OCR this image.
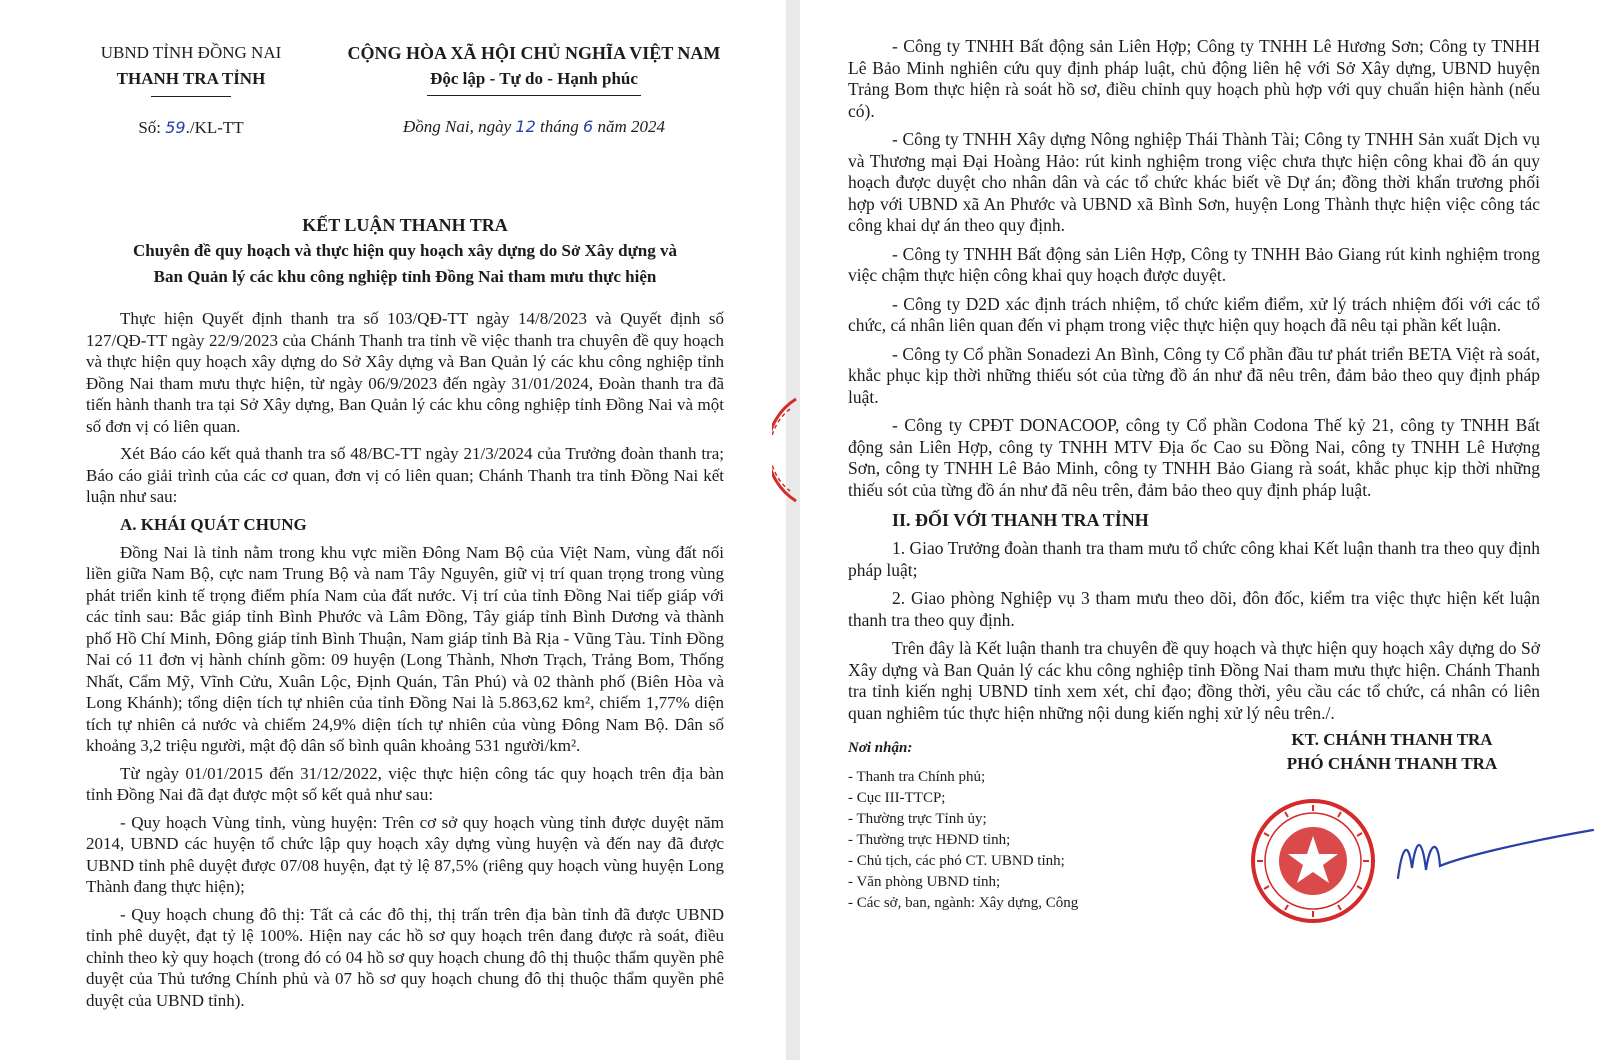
UBND TỈNH ĐỒNG NAI
THANH TRA TỈNH
Số: 59./KL-TT
CỘNG HÒA XÃ HỘI CHỦ NGHĨA VIỆT NAM
Độc lập - Tự do - Hạnh phúc
Đồng Nai, ngày 12 tháng 6 năm 2024
KẾT LUẬN THANH TRA
Chuyên đề quy hoạch và thực hiện quy hoạch xây dựng do Sở Xây dựng và
Ban Quản lý các khu công nghiệp tỉnh Đồng Nai tham mưu thực hiện

Thực hiện Quyết định thanh tra số 103/QĐ-TT ngày 14/8/2023 và Quyết định số 127/QĐ-TT ngày 22/9/2023 của Chánh Thanh tra tỉnh về việc thanh tra chuyên đề quy hoạch và thực hiện quy hoạch xây dựng do Sở Xây dựng và Ban Quản lý các khu công nghiệp tỉnh Đồng Nai tham mưu thực hiện, từ ngày 06/9/2023 đến ngày 31/01/2024, Đoàn thanh tra đã tiến hành thanh tra tại Sở Xây dựng, Ban Quản lý các khu công nghiệp tỉnh Đồng Nai và một số đơn vị có liên quan.

Xét Báo cáo kết quả thanh tra số 48/BC-TT ngày 21/3/2024 của Trưởng đoàn thanh tra; Báo cáo giải trình của các cơ quan, đơn vị có liên quan; Chánh Thanh tra tỉnh Đồng Nai kết luận như sau:

A. KHÁI QUÁT CHUNG

Đồng Nai là tỉnh nằm trong khu vực miền Đông Nam Bộ của Việt Nam, vùng đất nối liền giữa Nam Bộ, cực nam Trung Bộ và nam Tây Nguyên, giữ vị trí quan trọng trong vùng phát triển kinh tế trọng điểm phía Nam của đất nước. Vị trí của tỉnh Đồng Nai tiếp giáp với các tỉnh sau: Bắc giáp tỉnh Bình Phước và Lâm Đồng, Tây giáp tỉnh Bình Dương và thành phố Hồ Chí Minh, Đông giáp tỉnh Bình Thuận, Nam giáp tỉnh Bà Rịa - Vũng Tàu. Tỉnh Đồng Nai có 11 đơn vị hành chính gồm: 09 huyện (Long Thành, Nhơn Trạch, Trảng Bom, Thống Nhất, Cẩm Mỹ, Vĩnh Cửu, Xuân Lộc, Định Quán, Tân Phú) và 02 thành phố (Biên Hòa và Long Khánh); tổng diện tích tự nhiên của tỉnh Đồng Nai là 5.863,62 km², chiếm 1,77% diện tích tự nhiên cả nước và chiếm 24,9% diện tích tự nhiên của vùng Đông Nam Bộ. Dân số khoảng 3,2 triệu người, mật độ dân số bình quân khoảng 531 người/km².

Từ ngày 01/01/2015 đến 31/12/2022, việc thực hiện công tác quy hoạch trên địa bàn tỉnh Đồng Nai đã đạt được một số kết quả như sau:

- Quy hoạch Vùng tỉnh, vùng huyện: Trên cơ sở quy hoạch vùng tỉnh được duyệt năm 2014, UBND các huyện tổ chức lập quy hoạch xây dựng vùng huyện và đến nay đã được UBND tỉnh phê duyệt được 07/08 huyện, đạt tỷ lệ 87,5% (riêng quy hoạch vùng huyện Long Thành đang thực hiện);

- Quy hoạch chung đô thị: Tất cả các đô thị, thị trấn trên địa bàn tỉnh đã được UBND tỉnh phê duyệt, đạt tỷ lệ 100%. Hiện nay các hồ sơ quy hoạch trên đang được rà soát, điều chỉnh theo kỳ quy hoạch (trong đó có 04 hồ sơ quy hoạch chung đô thị thuộc thẩm quyền phê duyệt của Thủ tướng Chính phủ và 07 hồ sơ quy hoạch chung đô thị thuộc thẩm quyền phê duyệt của UBND tỉnh).

- Công ty TNHH Bất động sản Liên Hợp; Công ty TNHH Lê Hương Sơn; Công ty TNHH Lê Bảo Minh nghiên cứu quy định pháp luật, chủ động liên hệ với Sở Xây dựng, UBND huyện Trảng Bom thực hiện rà soát hồ sơ, điều chỉnh quy hoạch phù hợp với quy chuẩn hiện hành (nếu có).

- Công ty TNHH Xây dựng Nông nghiệp Thái Thành Tài; Công ty TNHH Sản xuất Dịch vụ và Thương mại Đại Hoàng Hảo: rút kinh nghiệm trong việc chưa thực hiện công khai đồ án quy hoạch được duyệt cho nhân dân và các tổ chức khác biết về Dự án; đồng thời khẩn trương phối hợp với UBND xã An Phước và UBND xã Bình Sơn, huyện Long Thành thực hiện việc công tác công khai dự án theo quy định.

- Công ty TNHH Bất động sản Liên Hợp, Công ty TNHH Bảo Giang rút kinh nghiệm trong việc chậm thực hiện công khai quy hoạch được duyệt.

- Công ty D2D xác định trách nhiệm, tổ chức kiểm điểm, xử lý trách nhiệm đối với các tổ chức, cá nhân liên quan đến vi phạm trong việc thực hiện quy hoạch đã nêu tại phần kết luận.

- Công ty Cổ phần Sonadezi An Bình, Công ty Cổ phần đầu tư phát triển BETA Việt rà soát, khắc phục kịp thời những thiếu sót của từng đồ án như đã nêu trên, đảm bảo theo quy định pháp luật.

- Công ty CPĐT DONACOOP, công ty Cổ phần Codona Thế kỷ 21, công ty TNHH Bất động sản Liên Hợp, công ty TNHH MTV Địa ốc Cao su Đồng Nai, công ty TNHH Lê Hượng Sơn, công ty TNHH Lê Bảo Minh, công ty TNHH Bảo Giang rà soát, khắc phục kịp thời những thiếu sót của từng đồ án như đã nêu trên, đảm bảo theo quy định pháp luật.

II. ĐỐI VỚI THANH TRA TỈNH

1. Giao Trưởng đoàn thanh tra tham mưu tổ chức công khai Kết luận thanh tra theo quy định pháp luật;

2. Giao phòng Nghiệp vụ 3 tham mưu theo dõi, đôn đốc, kiểm tra việc thực hiện kết luận thanh tra theo quy định.

Trên đây là Kết luận thanh tra chuyên đề quy hoạch và thực hiện quy hoạch xây dựng do Sở Xây dựng và Ban Quản lý các khu công nghiệp tỉnh Đồng Nai tham mưu thực hiện. Chánh Thanh tra tỉnh kiến nghị UBND tỉnh xem xét, chỉ đạo; đồng thời, yêu cầu các tổ chức, cá nhân có liên quan nghiêm túc thực hiện những nội dung kiến nghị xử lý nêu trên./.

Nơi nhận:
- Thanh tra Chính phủ;
- Cục III-TTCP;
- Thường trực Tỉnh ủy;
- Thường trực HĐND tỉnh;
- Chủ tịch, các phó CT. UBND tỉnh;
- Văn phòng UBND tỉnh;
- Các sở, ban, ngành: Xây dựng, Công
KT. CHÁNH THANH TRA
PHÓ CHÁNH THANH TRA
